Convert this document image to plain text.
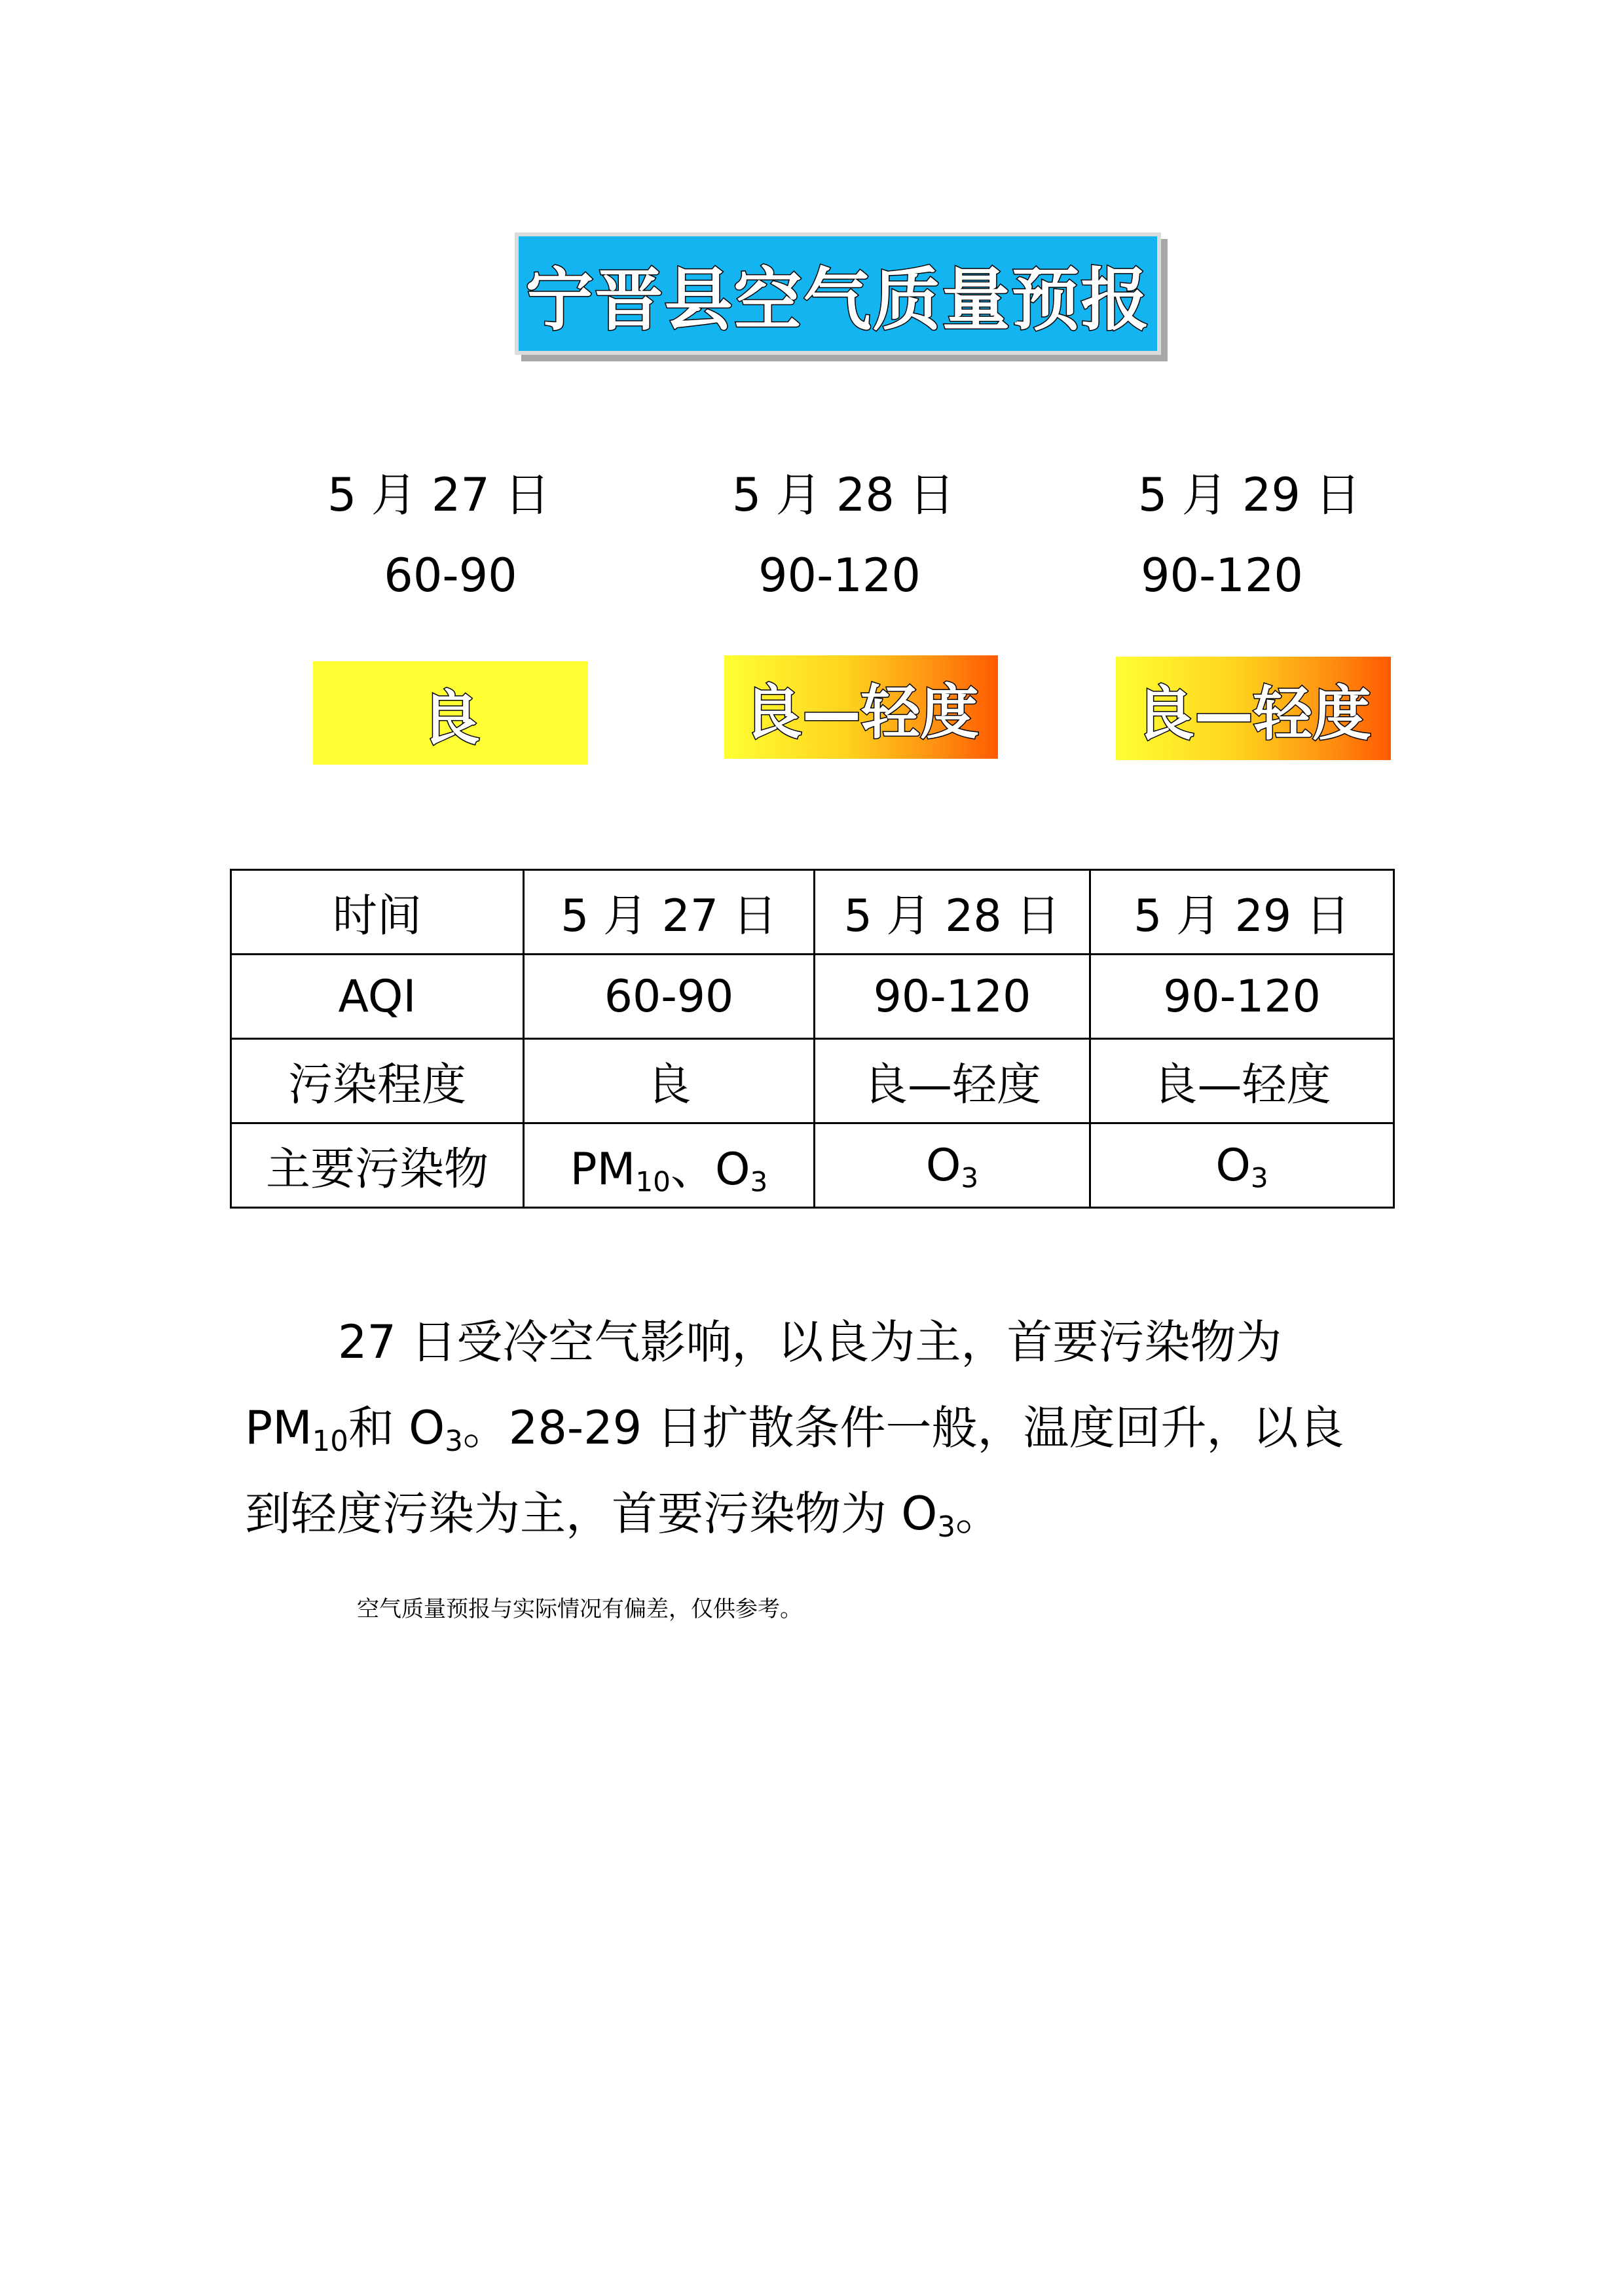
宁晋县空气质量预报
5 月 27 日	5 月 28 日	5 月 29 日
60-90	90-120	90-120
良	良—轻度	良—轻度
时间	5 月 27 日	5 月 28 日	5 月 29 日
AQI	60-90	90-120	90-120
污染程度	良	良—轻度	良—轻度
主要污染物	$PM_{10}$、$O_3$	$O_3$	$O_3$

27 日受冷空气影响，以良为主，首要污染物为$PM_{10}$和 $O_3$。28-29 日扩散条件一般，温度回升，以良到轻度污染为主，首要污染物为 $O_3$。

空气质量预报与实际情况有偏差，仅供参考。
